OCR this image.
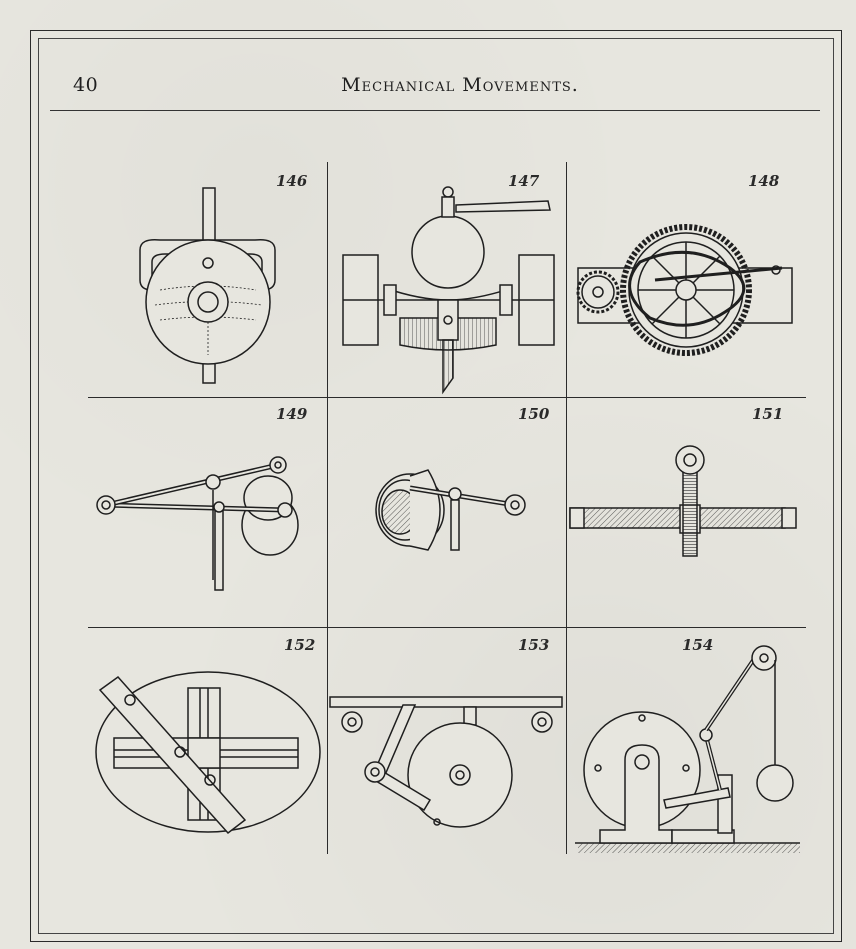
40	Mechanical Movements.
146	147	148
149	150	151
152	153	154
